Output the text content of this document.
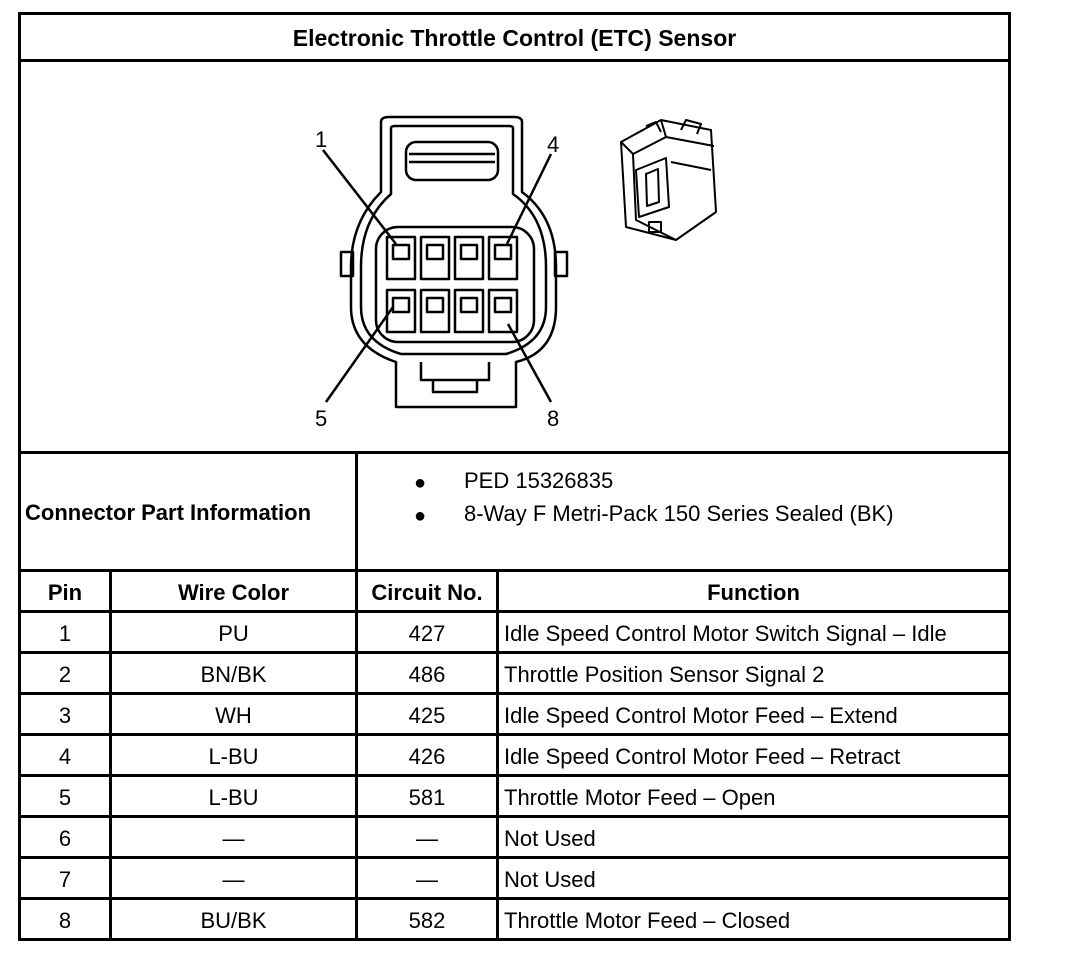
Electronic Throttle Control (ETC) Sensor
1	4
5	8
Connector Part Information
● PED 15326835
● 8-Way F Metri-Pack 150 Series Sealed (BK)
Pin	Wire Color	Circuit No.	Function
1	PU	427	Idle Speed Control Motor Switch Signal – Idle
2	BN/BK	486	Throttle Position Sensor Signal 2
3	WH	425	Idle Speed Control Motor Feed – Extend
4	L-BU	426	Idle Speed Control Motor Feed – Retract
5	L-BU	581	Throttle Motor Feed – Open
6	—	—	Not Used
7	—	—	Not Used
8	BU/BK	582	Throttle Motor Feed – Closed
